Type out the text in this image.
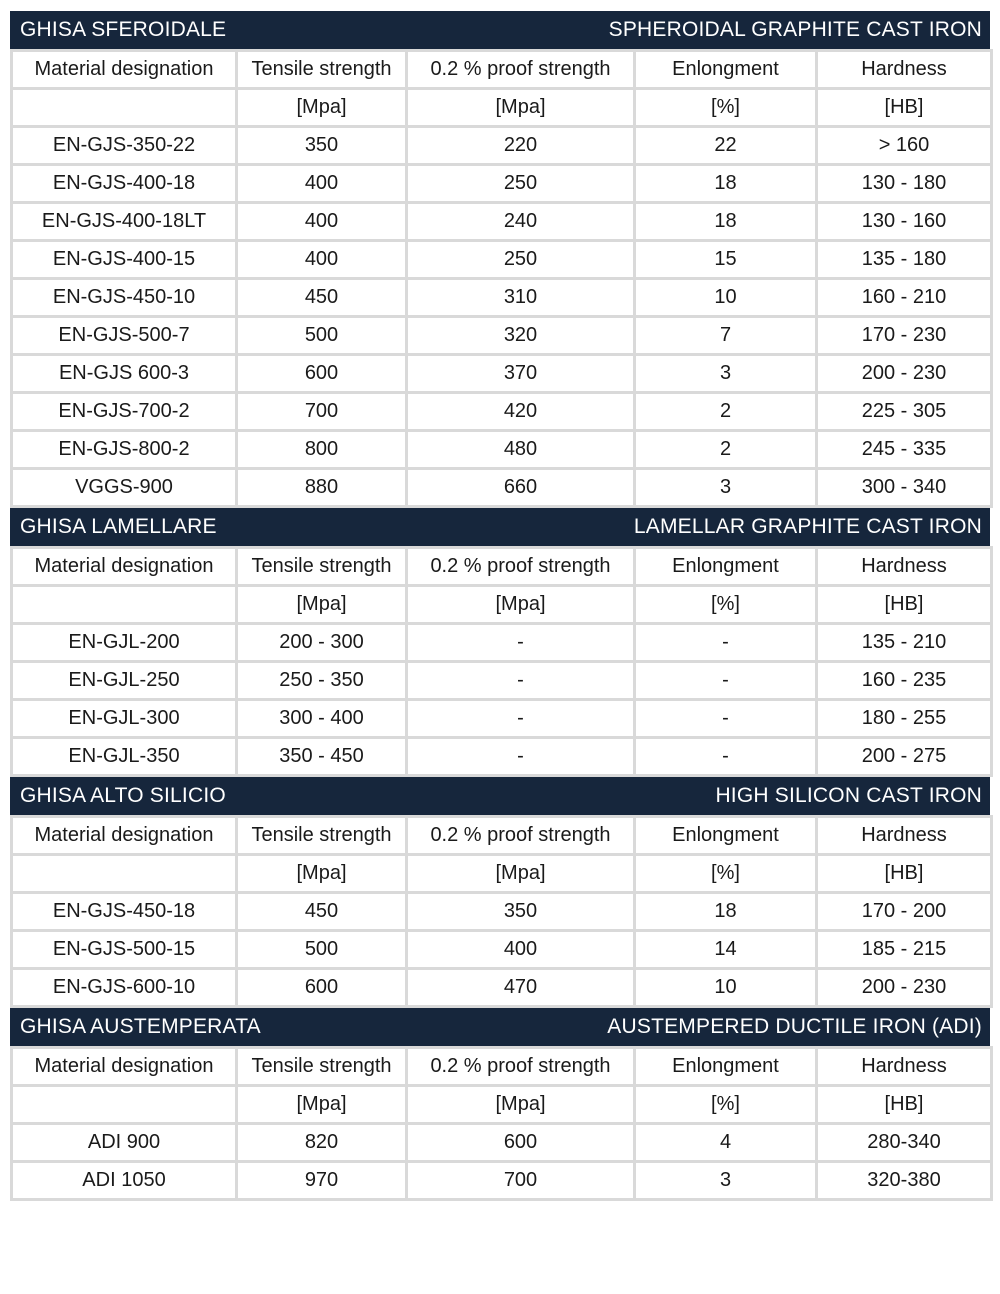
GHISA SFEROIDALE	SPHEROIDAL GRAPHITE CAST IRON
Material designation	Tensile strength	0.2 % proof strength	Enlongment	Hardness
	[Mpa]	[Mpa]	[%]	[HB]
EN-GJS-350-22	350	220	22	> 160
EN-GJS-400-18	400	250	18	130 - 180
EN-GJS-400-18LT	400	240	18	130 - 160
EN-GJS-400-15	400	250	15	135 - 180
EN-GJS-450-10	450	310	10	160 - 210
EN-GJS-500-7	500	320	7	170 - 230
EN-GJS 600-3	600	370	3	200 - 230
EN-GJS-700-2	700	420	2	225 - 305
EN-GJS-800-2	800	480	2	245 - 335
VGGS-900	880	660	3	300 - 340
GHISA LAMELLARE	LAMELLAR GRAPHITE CAST IRON
Material designation	Tensile strength	0.2 % proof strength	Enlongment	Hardness
	[Mpa]	[Mpa]	[%]	[HB]
EN-GJL-200	200 - 300	-	-	135 - 210
EN-GJL-250	250 - 350	-	-	160 - 235
EN-GJL-300	300 - 400	-	-	180 - 255
EN-GJL-350	350 - 450	-	-	200 - 275
GHISA ALTO SILICIO	HIGH SILICON CAST IRON
Material designation	Tensile strength	0.2 % proof strength	Enlongment	Hardness
	[Mpa]	[Mpa]	[%]	[HB]
EN-GJS-450-18	450	350	18	170 - 200
EN-GJS-500-15	500	400	14	185 - 215
EN-GJS-600-10	600	470	10	200 - 230
GHISA AUSTEMPERATA	AUSTEMPERED DUCTILE IRON (ADI)
Material designation	Tensile strength	0.2 % proof strength	Enlongment	Hardness
	[Mpa]	[Mpa]	[%]	[HB]
ADI 900	820	600	4	280-340
ADI 1050	970	700	3	320-380
